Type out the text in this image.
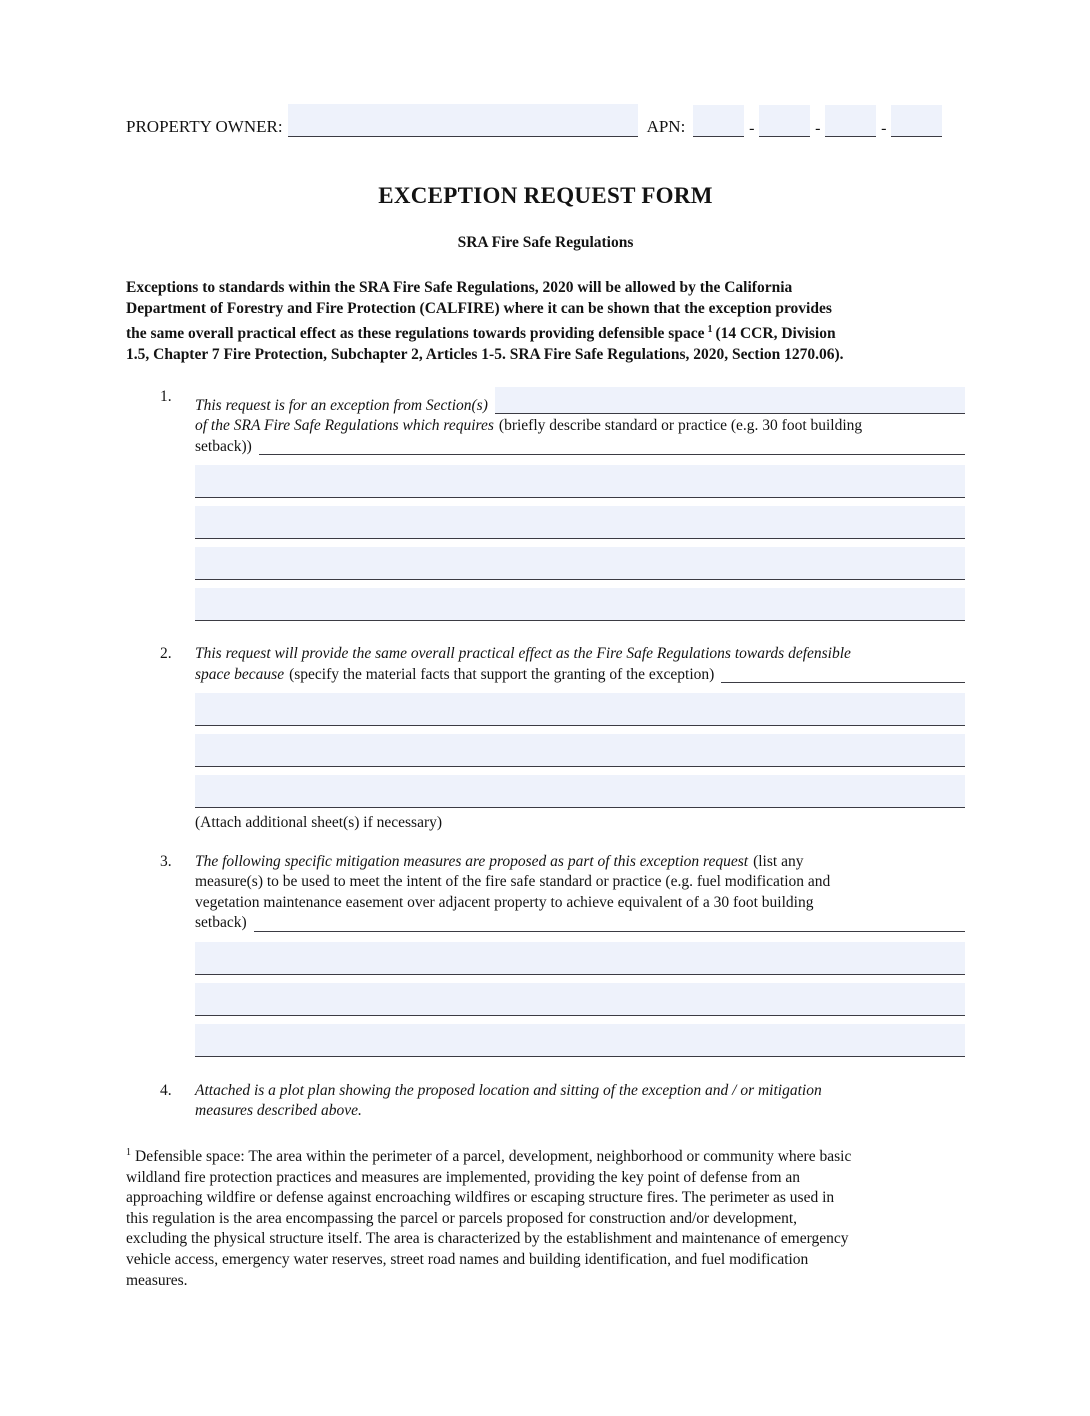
PROPERTY OWNER:	APN:	-	-	-
EXCEPTION REQUEST FORM
SRA Fire Safe Regulations
Exceptions to standards within the SRA Fire Safe Regulations, 2020 will be allowed by the California
Department of Forestry and Fire Protection (CALFIRE) where it can be shown that the exception provides
the same overall practical effect as these regulations towards providing defensible space $^1$ (14 CCR, Division
1.5, Chapter 7 Fire Protection, Subchapter 2, Articles 1-5. SRA Fire Safe Regulations, 2020, Section 1270.06).
1.	This request is for an exception from Section(s)
of the SRA Fire Safe Regulations which requires (briefly describe standard or practice (e.g. 30 foot building
setback))
2.	This request will provide the same overall practical effect as the Fire Safe Regulations towards defensible
space because (specify the material facts that support the granting of the exception)
(Attach additional sheet(s) if necessary)
3.	The following specific mitigation measures are proposed as part of this exception request (list any
measure(s) to be used to meet the intent of the fire safe standard or practice (e.g. fuel modification and
vegetation maintenance easement over adjacent property to achieve equivalent of a 30 foot building
setback)
4.	Attached is a plot plan showing the proposed location and sitting of the exception and / or mitigation
measures described above.
$^1$ Defensible space: The area within the perimeter of a parcel, development, neighborhood or community where basic
wildland fire protection practices and measures are implemented, providing the key point of defense from an
approaching wildfire or defense against encroaching wildfires or escaping structure fires. The perimeter as used in
this regulation is the area encompassing the parcel or parcels proposed for construction and/or development,
excluding the physical structure itself. The area is characterized by the establishment and maintenance of emergency
vehicle access, emergency water reserves, street road names and building identification, and fuel modification
measures.
